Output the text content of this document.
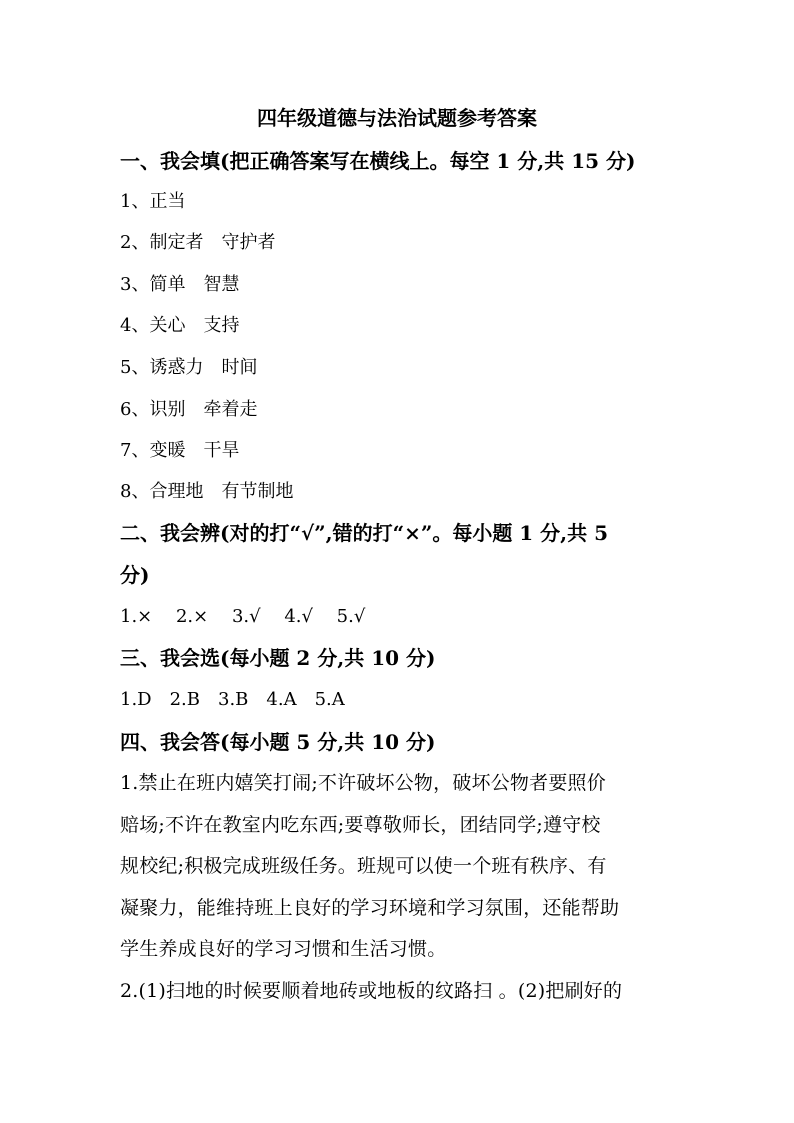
四年级道德与法治试题参考答案
一、我会填(把正确答案写在横线上。每空 1 分,共 15 分)
1、正当
2、制定者　守护者
3、简单　智慧
4、关心　支持
5、诱惑力　时间
6、识别　牵着走
7、变暖　干旱
8、合理地　有节制地
二、我会辨(对的打“√”,错的打“×”。每小题 1 分,共 5
分)
1.×　 2.×　 3.√　 4.√　 5.√
三、我会选(每小题 2 分,共 10 分)
1.D　2.B　3.B　4.A　5.A
四、我会答(每小题 5 分,共 10 分)
1.禁止在班内嬉笑打闹;不许破坏公物，破坏公物者要照价
赔场;不许在教室内吃东西;要尊敬师长，团结同学;遵守校
规校纪;积极完成班级任务。班规可以使一个班有秩序、有
凝聚力，能维持班上良好的学习环境和学习氛围，还能帮助
学生养成良好的学习习惯和生活习惯。
2.(1)扫地的时候要顺着地砖或地板的纹路扫 。(2)把刷好的
